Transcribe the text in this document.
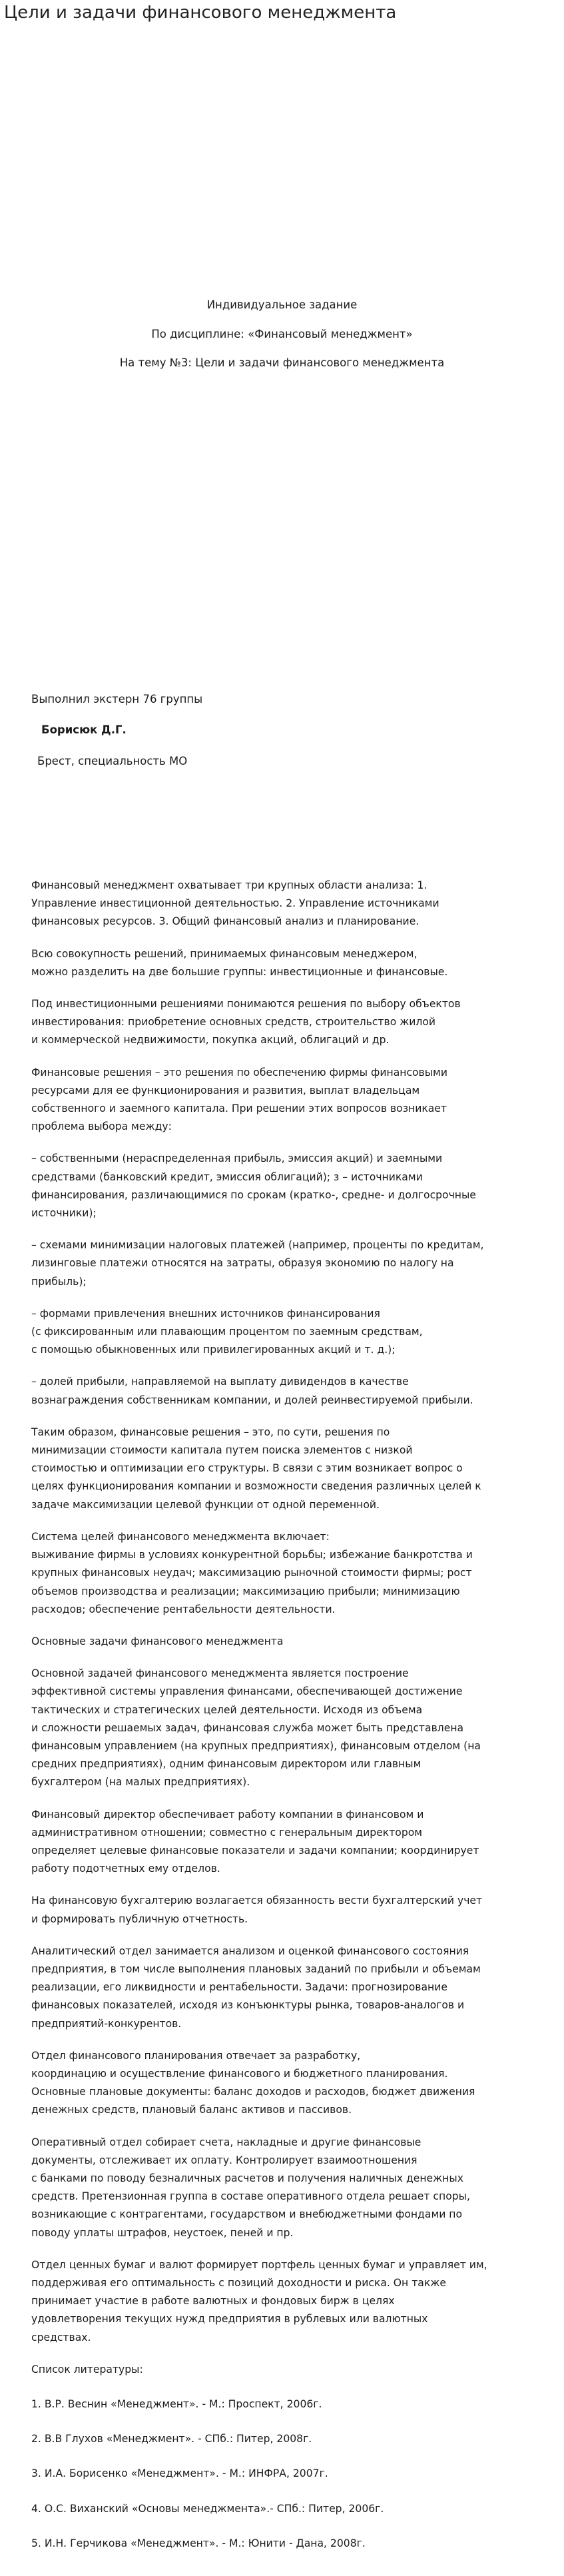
Цели и задачи финансового менеджмента
Индивидуальное задание
По дисциплине: «Финансовый менеджмент»
На тему №3: Цели и задачи финансового менеджмента
Выполнил экстерн 76 группы
Борисюк Д.Г.
Брест, специальность МО

Финансовый менеджмент охватывает три крупных области анализа: 1.
Управление инвестиционной деятельностью. 2. Управление источниками
финансовых ресурсов. 3. Общий финансовый анализ и планирование.

Всю совокупность решений, принимаемых финансовым менеджером,
можно разделить на две большие группы: инвестиционные и финансовые.

Под инвестиционными решениями понимаются решения по выбору объектов
инвестирования: приобретение основных средств, строительство жилой
и коммерческой недвижимости, покупка акций, облигаций и др.

Финансовые решения – это решения по обеспечению фирмы финансовыми
ресурсами для ее функционирования и развития, выплат владельцам
собственного и заемного капитала. При решении этих вопросов возникает
проблема выбора между:

– собственными (нераспределенная прибыль, эмиссия акций) и заемными
средствами (банковский кредит, эмиссия облигаций); з – источниками
финансирования, различающимися по срокам (кратко-, средне- и долгосрочные
источники);

– схемами минимизации налоговых платежей (например, проценты по кредитам,
лизинговые платежи относятся на затраты, образуя экономию по налогу на
прибыль);

– формами привлечения внешних источников финансирования
(с фиксированным или плавающим процентом по заемным средствам,
с помощью обыкновенных или привилегированных акций и т. д.);

– долей прибыли, направляемой на выплату дивидендов в качестве
вознаграждения собственникам компании, и долей реинвестируемой прибыли.

Таким образом, финансовые решения – это, по сути, решения по
минимизации стоимости капитала путем поиска элементов с низкой
стоимостью и оптимизации его структуры. В связи с этим возникает вопрос о
целях функционирования компании и возможности сведения различных целей к
задаче максимизации целевой функции от одной переменной.

Система целей финансового менеджмента включает:
выживание фирмы в условиях конкурентной борьбы; избежание банкротства и
крупных финансовых неудач; максимизацию рыночной стоимости фирмы; рост
объемов производства и реализации; максимизацию прибыли; минимизацию
расходов; обеспечение рентабельности деятельности.

Основные задачи финансового менеджмента

Основной задачей финансового менеджмента является построение
эффективной системы управления финансами, обеспечивающей достижение
тактических и стратегических целей деятельности. Исходя из объема
и сложности решаемых задач, финансовая служба может быть представлена
финансовым управлением (на крупных предприятиях), финансовым отделом (на
средних предприятиях), одним финансовым директором или главным
бухгалтером (на малых предприятиях).

Финансовый директор обеспечивает работу компании в финансовом и
административном отношении; совместно с генеральным директором
определяет целевые финансовые показатели и задачи компании; координирует
работу подотчетных ему отделов.

На финансовую бухгалтерию возлагается обязанность вести бухгалтерский учет
и формировать публичную отчетность.

Аналитический отдел занимается анализом и оценкой финансового состояния
предприятия, в том числе выполнения плановых заданий по прибыли и объемам
реализации, его ликвидности и рентабельности. Задачи: прогнозирование
финансовых показателей, исходя из конъюнктуры рынка, товаров-аналогов и
предприятий-конкурентов.

Отдел финансового планирования отвечает за разработку,
координацию и осуществление финансового и бюджетного планирования.
Основные плановые документы: баланс доходов и расходов, бюджет движения
денежных средств, плановый баланс активов и пассивов.

Оперативный отдел собирает счета, накладные и другие финансовые
документы, отслеживает их оплату. Контролирует взаимоотношения
с банками по поводу безналичных расчетов и получения наличных денежных
средств. Претензионная группа в составе оперативного отдела решает споры,
возникающие с контрагентами, государством и внебюджетными фондами по
поводу уплаты штрафов, неустоек, пеней и пр.

Отдел ценных бумаг и валют формирует портфель ценных бумаг и управляет им,
поддерживая его оптимальность с позиций доходности и риска. Он также
принимает участие в работе валютных и фондовых бирж в целях
удовлетворения текущих нужд предприятия в рублевых или валютных
средствах.

Список литературы:

1. В.Р. Веснин «Менеджмент». - М.: Проспект, 2006г.

2. В.В Глухов «Менеджмент». - СПб.: Питер, 2008г.

3. И.А. Борисенко «Менеджмент». - М.: ИНФРА, 2007г.

4. О.С. Виханский «Основы менеджмента».- СПб.: Питер, 2006г.

5. И.Н. Герчикова «Менеджмент». - М.: Юнити - Дана, 2008г.
